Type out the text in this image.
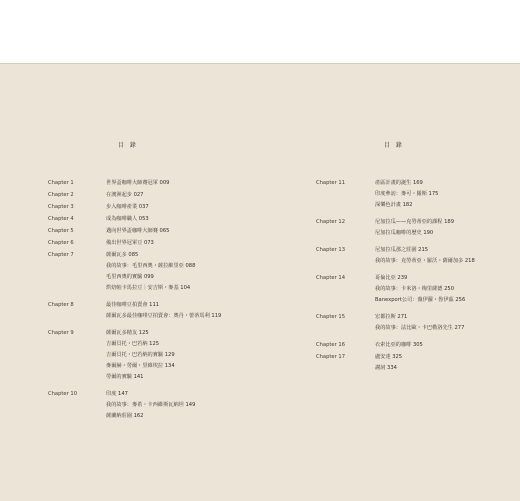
目 錄
Chapter 1	世界盃咖啡大師賽冠軍 009
Chapter 2	在澳洲起步 027
Chapter 3	步入咖啡產業 037
Chapter 4	成為咖啡職人 053
Chapter 5	邁向世界盃咖啡大師賽 065
Chapter 6	備出世界冠軍豆 073
Chapter 7	薩爾瓦多 085
我的故事：毛里西奧・薩拉維里亞 088
毛里西奧的實驗 099
烘焙帕卡馬拉豆｜安吉斯・麥基 104
Chapter 8	最佳咖啡豆拍賣會 111
薩爾瓦多最佳咖啡豆拍賣會：奧丹・蕾蒂馬利 119
Chapter 9	薩爾瓦多精友 125
吉爾貝托・巴若納 125
吉爾貝托・巴若納的實驗 129
麥爾赫・勞爾・里維埃拉 134
勞爾的實驗 141
Chapter 10	印度 147
我的故事：麥希・卡西維斯瓦納坦 149
薩蘭納莊園 162
目 錄
Chapter 11	產區計畫的誕生 169
印度參訪：麥可・羅斯 175
深樂色計畫 182
Chapter 12	尼加拉瓜——克勞蒂亞的課程 189
尼加拉瓜咖啡的歷史 190
Chapter 13	尼加拉瓜那之莊園 215
我的故事：克勞蒂亞・羅沃・薩爾加多 218
Chapter 14	哥倫比亞 239
我的故事：卡米洛・梅里薩德 250
Banexport公司：薇伊蘿・魯伊茲 256
Chapter 15	宏都拉斯 271
我的故事：法比歐・卡巴勒洛先生 277
Chapter 16	衣索比亞的咖啡 305
Chapter 17	盧安達 325
謝詞 334
